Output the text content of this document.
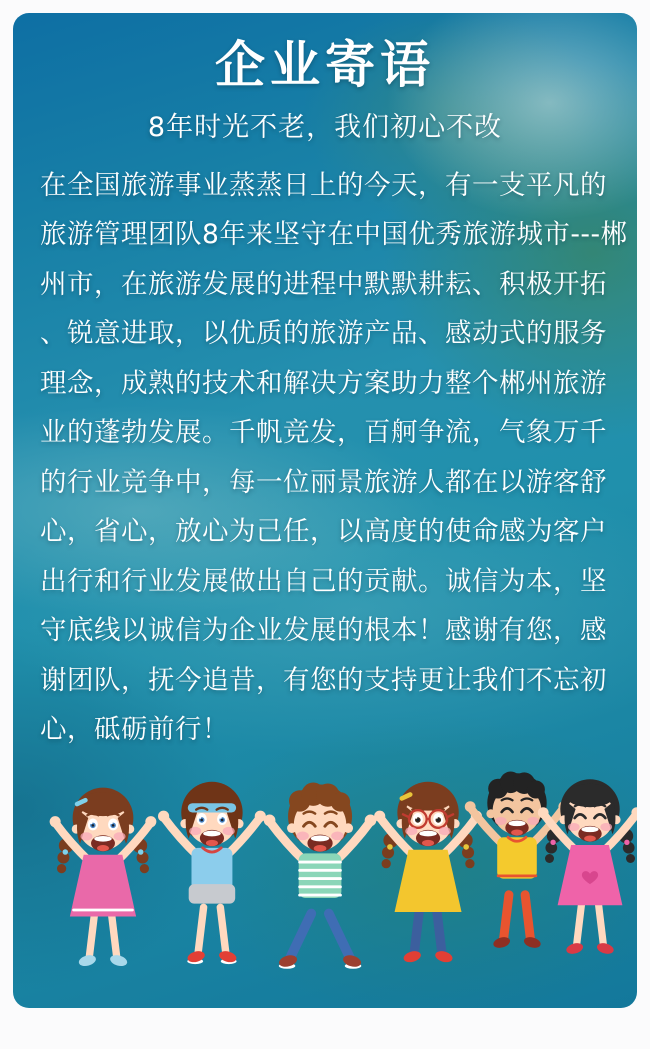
企业寄语
8年时光不老，我们初心不改
在全国旅游事业蒸蒸日上的今天，有一支平凡的
旅游管理团队8年来坚守在中国优秀旅游城市---郴
州市，在旅游发展的进程中默默耕耘、积极开拓
、锐意进取，以优质的旅游产品、感动式的服务
理念，成熟的技术和解决方案助力整个郴州旅游
业的蓬勃发展。千帆竞发，百舸争流，气象万千
的行业竞争中，每一位丽景旅游人都在以游客舒
心，省心，放心为己任，以高度的使命感为客户
出行和行业发展做出自己的贡献。诚信为本，坚
守底线以诚信为企业发展的根本！感谢有您，感
谢团队，抚今追昔，有您的支持更让我们不忘初
心，砥砺前行！
